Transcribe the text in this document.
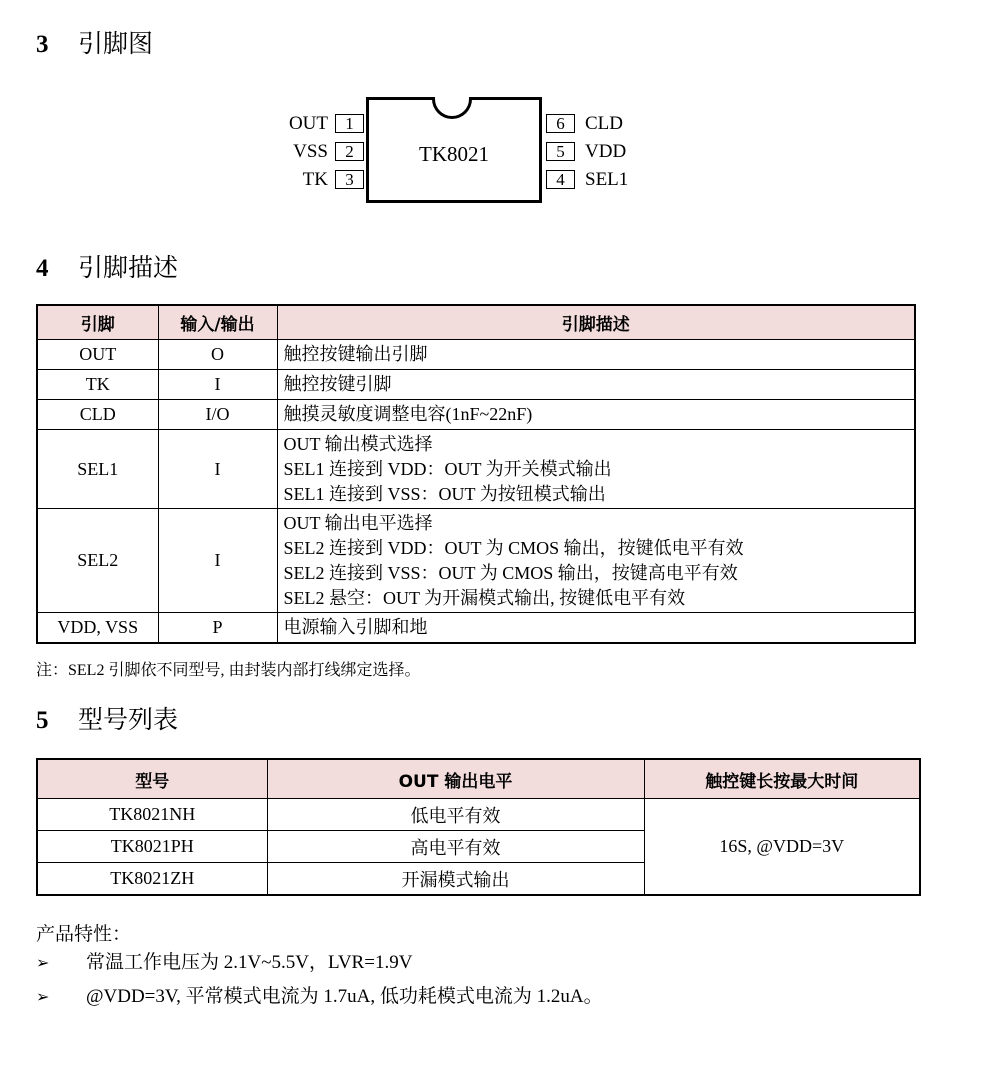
3 引脚图
TK8021
1
2
3
OUT
VSS
TK
6
5
4
CLD
VDD
SEL1
4 引脚描述
引脚	输入/输出	引脚描述
OUT	O	触控按键输出引脚

TK	I	触控按键引脚

CLD	I/O	触摸灵敏度调整电容(1nF~22nF)

SEL1	I	OUT 输出模式选择
SEL1 连接到 VDD：OUT 为开关模式输出
SEL1 连接到 VSS：OUT 为按钮模式输出

SEL2	I	OUT 输出电平选择
SEL2 连接到 VDD：OUT 为 CMOS 输出，按键低电平有效
SEL2 连接到 VSS：OUT 为 CMOS 输出，按键高电平有效
SEL2 悬空：OUT 为开漏模式输出, 按键低电平有效

VDD, VSS	P	电源输入引脚和地
注：SEL2 引脚依不同型号, 由封装内部打线绑定选择。
5 型号列表
型号	OUT 输出电平	触控键长按最大时间
TK8021NH	低电平有效	16S, @VDD=3V
TK8021PH	高电平有效	
TK8021ZH	开漏模式输出	
产品特性：
➢ 常温工作电压为 2.1V~5.5V，LVR=1.9V
➢ @VDD=3V, 平常模式电流为 1.7uA, 低功耗模式电流为 1.2uA。
